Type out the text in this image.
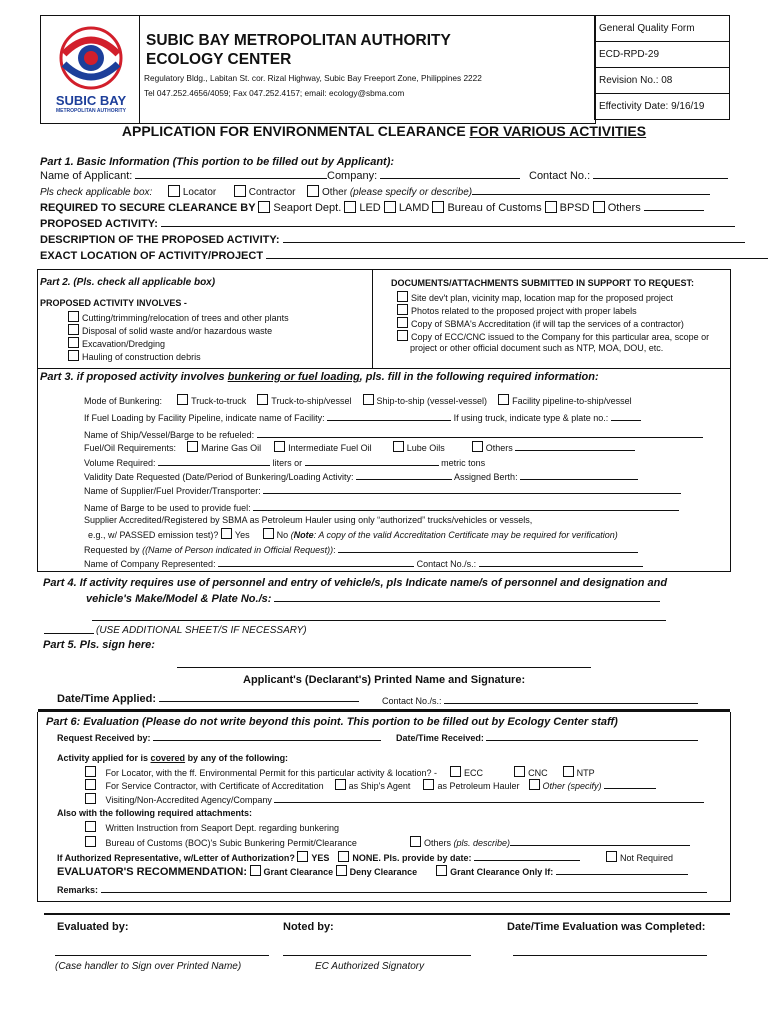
SUBIC BAY
METROPOLITAN AUTHORITY
SUBIC BAY METROPOLITAN AUTHORITY
ECOLOGY CENTER
Regulatory Bldg., Labitan St. cor. Rizal Highway, Subic Bay Freeport Zone, Philippines 2222
Tel 047.252.4656/4059; Fax 047.252.4157; email: ecology@sbma.com
General Quality Form
ECD-RPD-29
Revision No.: 08
Effectivity Date: 9/16/19
APPLICATION FOR ENVIRONMENTAL CLEARANCE FOR VARIOUS ACTIVITIES
Part 1. Basic Information (This portion to be filled out by Applicant):
Name of Applicant:	Company:	Contact No.:
Pls check applicable box:	Locator	Contractor	Other (please specify or describe)
REQUIRED TO SECURE CLEARANCE BY Seaport Dept. LED LAMD Bureau of Customs BPSD Others
PROPOSED ACTIVITY:
DESCRIPTION OF THE PROPOSED ACTIVITY:
EXACT LOCATION OF ACTIVITY/PROJECT
Part 2. (Pls. check all applicable box)
PROPOSED ACTIVITY INVOLVES -
Cutting/trimming/relocation of trees and other plants
Disposal of solid waste and/or hazardous waste
Excavation/Dredging
Hauling of construction debris
DOCUMENTS/ATTACHMENTS SUBMITTED IN SUPPORT TO REQUEST:
Site dev't plan, vicinity map, location map for the proposed project
Photos related to the proposed project with proper labels
Copy of SBMA's Accreditation (if will tap the services of a contractor)
Copy of ECC/CNC issued to the Company for this particular area, scope or
project or other official document such as NTP, MOA, DOU, etc.
Part 3. if proposed activity involves bunkering or fuel loading, pls. fill in the following required information:
Mode of Bunkering:	Truck-to-truck	Truck-to-ship/vessel	Ship-to-ship (vessel-vessel)	Facility pipeline-to-ship/vessel
If Fuel Loading by Facility Pipeline, indicate name of Facility:	If using truck, indicate type & plate no.:
Name of Ship/Vessel/Barge to be refueled:
Fuel/Oil Requirements:	Marine Gas Oil	Intermediate Fuel Oil	Lube Oils	Others
Volume Required:	liters or	metric tons
Validity Date Requested (Date/Period of Bunkering/Loading Activity:	Assigned Berth:
Name of Supplier/Fuel Provider/Transporter:
Name of Barge to be used to provide fuel:
Supplier Accredited/Registered by SBMA as Petroleum Hauler using only “authorized” trucks/vehicles or vessels,
e.g., w/ PASSED emission test)? Yes	No (Note: A copy of the valid Accreditation Certificate may be required for verification)
Requested by ((Name of Person indicated in Official Request)):
Name of Company Represented:	Contact No./s.:
Part 4. If activity requires use of personnel and entry of vehicle/s, pls Indicate name/s of personnel and designation and
vehicle's Make/Model & Plate No./s:
(USE ADDITIONAL SHEET/S IF NECESSARY)
Part 5. Pls. sign here:
Applicant's (Declarant's) Printed Name and Signature:
Date/Time Applied:	Contact No./s.:
Part 6: Evaluation (Please do not write beyond this point. This portion to be filled out by Ecology Center staff)
Request Received by:	Date/Time Received:
Activity applied for is covered by any of the following:
For Locator, with the ff. Environmental Permit for this particular activity & location? -	ECC	CNC	NTP
For Service Contractor, with Certificate of Accreditation	as Ship's Agent	as Petroleum Hauler	Other (specify)
Visiting/Non-Accredited Agency/Company
Also with the following required attachments:
Written Instruction from Seaport Dept. regarding bunkering
Bureau of Customs (BOC)'s Subic Bunkering Permit/Clearance	Others (pls. describe)
If Authorized Representative, w/Letter of Authorization? YES	NONE. Pls. provide by date:	Not Required
EVALUATOR'S RECOMMENDATION: Grant Clearance Deny Clearance	Grant Clearance Only If:
Remarks:
Evaluated by:	Noted by:	Date/Time Evaluation was Completed:
(Case handler to Sign over Printed Name)	EC Authorized Signatory
